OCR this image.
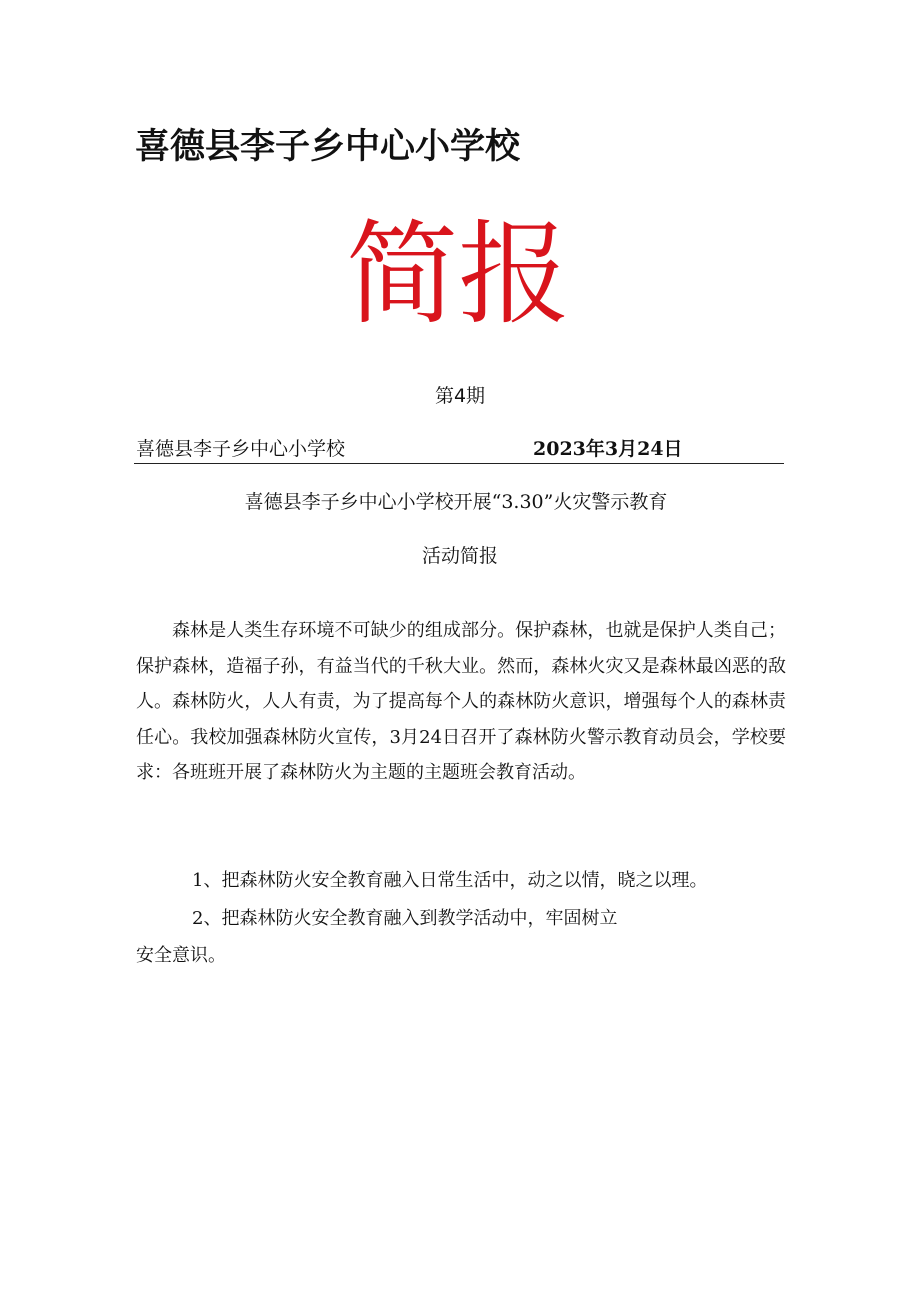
喜德县李子乡中心小学校
简报
第4期
喜德县李子乡中心小学校	2023年3月24日
喜德县李子乡中心小学校开展“3.30”火灾警示教育
活动简报
森林是人类生存环境不可缺少的组成部分。保护森林，也就是保护人类自己；保护森林，造福子孙，有益当代的千秋大业。然而，森林火灾又是森林最凶恶的敌人。森林防火，人人有责，为了提高每个人的森林防火意识，增强每个人的森林责任心。我校加强森林防火宣传，3月24日召开了森林防火警示教育动员会，学校要求：各班班开展了森林防火为主题的主题班会教育活动。
1、把森林防火安全教育融入日常生活中，动之以情，晓之以理。
2、把森林防火安全教育融入到教学活动中，牢固树立
安全意识。
